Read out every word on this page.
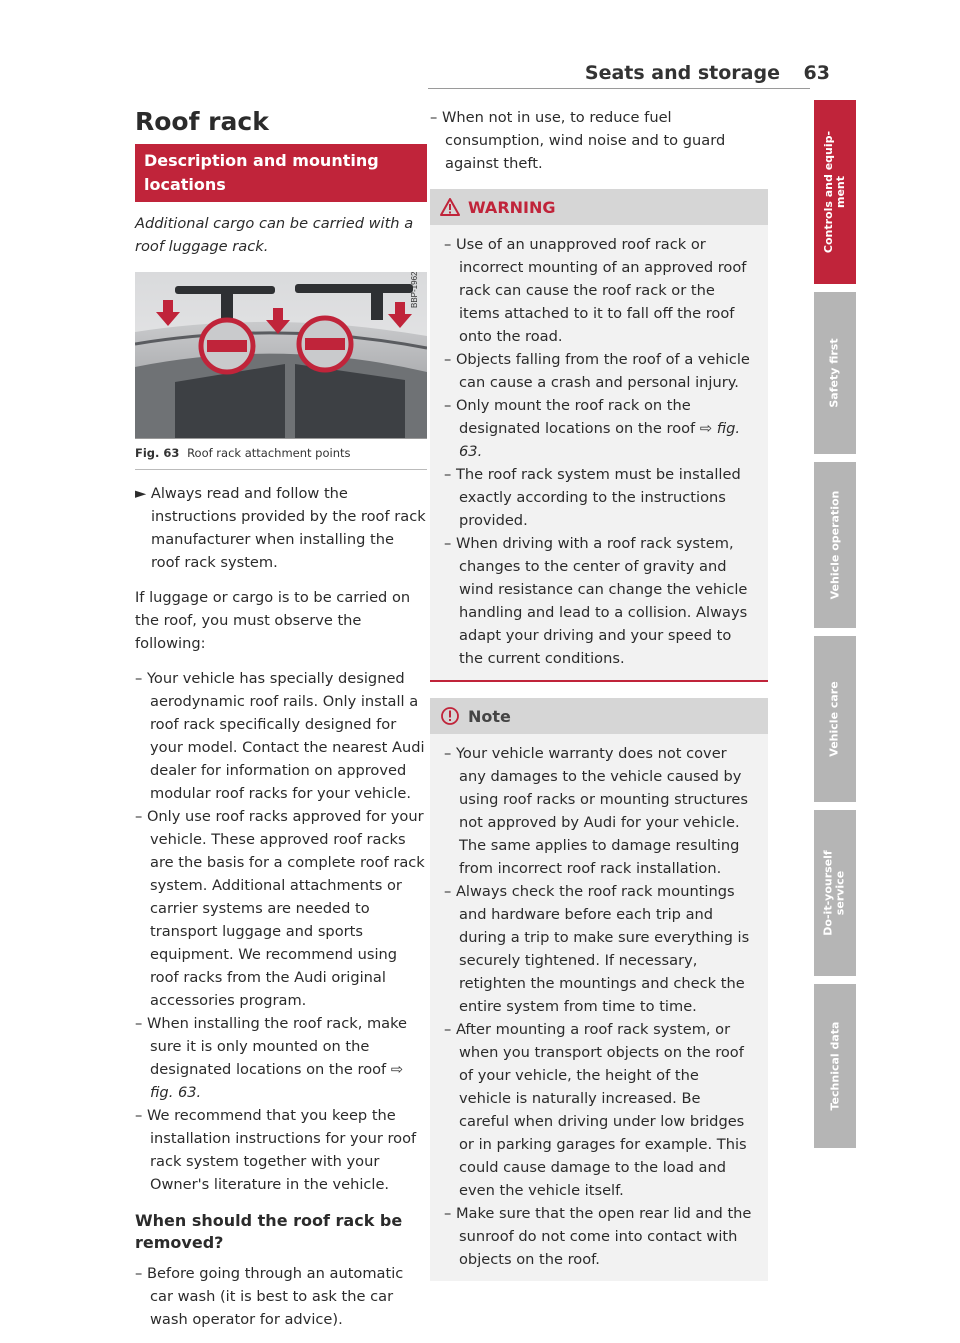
Seats and storage	63
Roof rack
Description and mounting locations

Additional cargo can be carried with a roof luggage rack.

BBP-1962
Fig. 63 Roof rack attachment points

► Always read and follow the instructions provided by the roof rack manufacturer when installing the roof rack system.

If luggage or cargo is to be carried on the roof, you must observe the following:

– Your vehicle has specially designed aerodynamic roof rails. Only install a roof rack specifically designed for your model. Contact the nearest Audi dealer for information on approved modular roof racks for your vehicle.
– Only use roof racks approved for your vehicle. These approved roof racks are the basis for a complete roof rack system. Additional attachments or carrier systems are needed to transport luggage and sports equipment. We recommend using roof racks from the Audi original accessories program.
– When installing the roof rack, make sure it is only mounted on the designated locations on the roof ⇨ fig. 63.
– We recommend that you keep the installation instructions for your roof rack system together with your Owner's literature in the vehicle.
When should the roof rack be removed?
– Before going through an automatic car wash (it is best to ask the car wash operator for advice).
– When not in use, to reduce fuel consumption, wind noise and to guard against theft.
WARNING
– Use of an unapproved roof rack or incorrect mounting of an approved roof rack can cause the roof rack or the items attached to it to fall off the roof onto the road.
– Objects falling from the roof of a vehicle can cause a crash and personal injury.
– Only mount the roof rack on the designated locations on the roof ⇨ fig. 63.
– The roof rack system must be installed exactly according to the instructions provided.
– When driving with a roof rack system, changes to the center of gravity and wind resistance can change the vehicle handling and lead to a collision. Always adapt your driving and your speed to the current conditions.
Note
– Your vehicle warranty does not cover any damages to the vehicle caused by using roof racks or mounting structures not approved by Audi for your vehicle. The same applies to damage resulting from incorrect roof rack installation.
– Always check the roof rack mountings and hardware before each trip and during a trip to make sure everything is securely tightened. If necessary, retighten the mountings and check the entire system from time to time.
– After mounting a roof rack system, or when you transport objects on the roof of your vehicle, the height of the vehicle is naturally increased. Be careful when driving under low bridges or in parking garages for example. This could cause damage to the load and even the vehicle itself.
– Make sure that the open rear lid and the sunroof do not come into contact with objects on the roof.
Controls and equip-
ment
Safety first
Vehicle operation
Vehicle care
Do-it-yourself
service
Technical data
